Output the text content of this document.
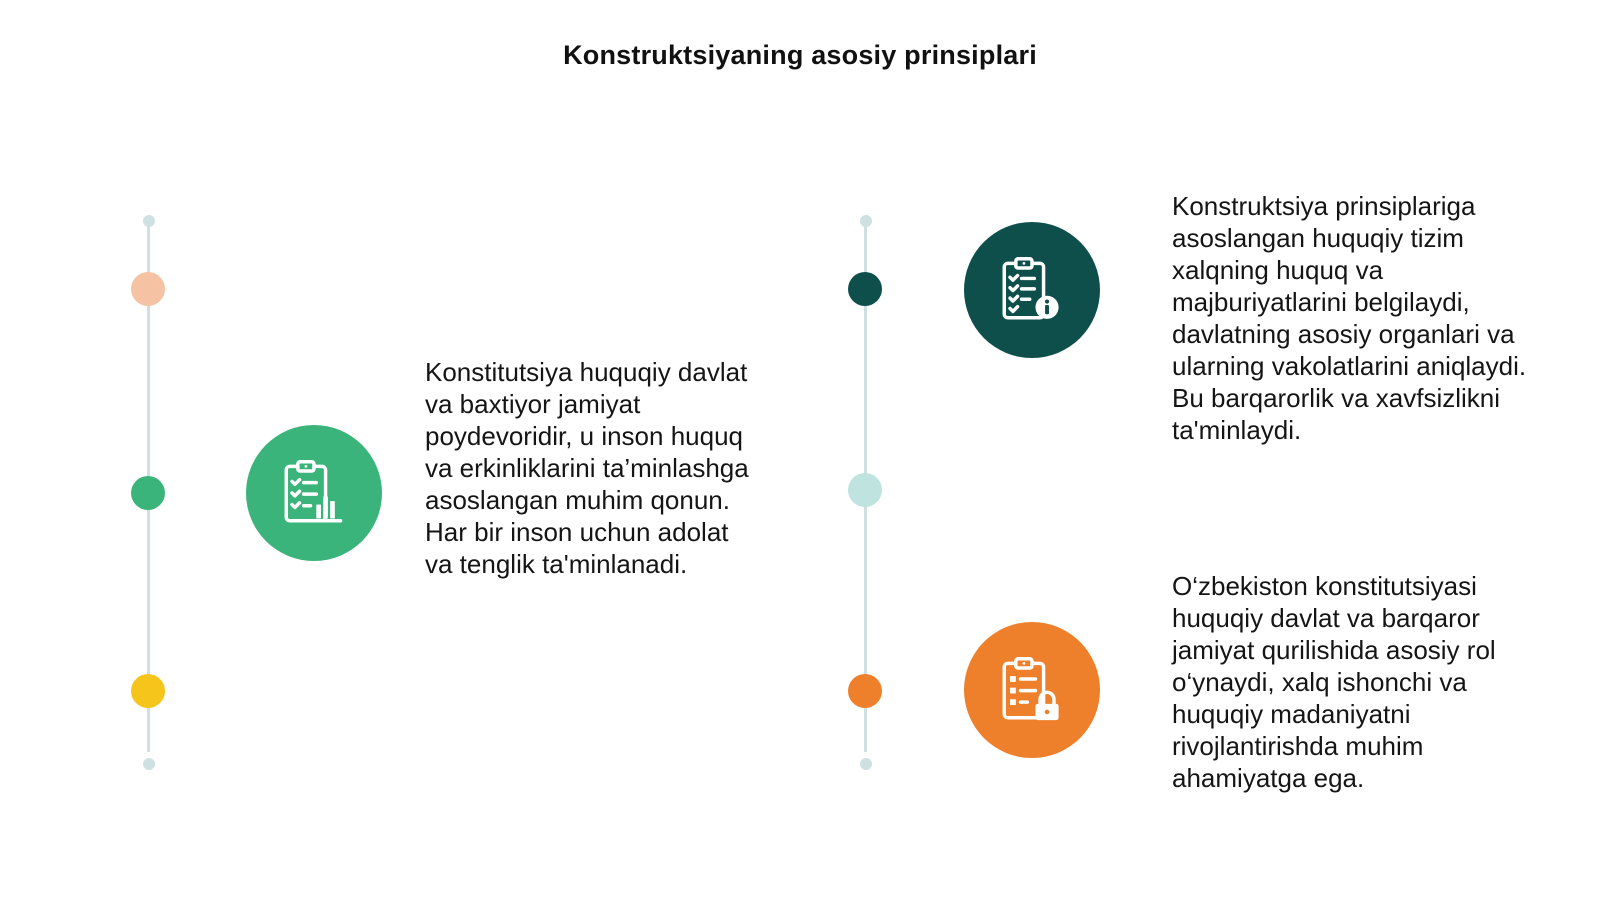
Konstruktsiyaning asosiy prinsiplari

Konstitutsiya huquqiy davlat va baxtiyor jamiyat poydevoridir, u inson huquq va erkinliklarini ta’minlashga asoslangan muhim qonun. Har bir inson uchun adolat va tenglik ta'minlanadi.

Konstruktsiya prinsiplariga asoslangan huquqiy tizim xalqning huquq va majburiyatlarini belgilaydi, davlatning asosiy organlari va ularning vakolatlarini aniqlaydi. Bu barqarorlik va xavfsizlikni ta'minlaydi.

O‘zbekiston konstitutsiyasi huquqiy davlat va barqaror jamiyat qurilishida asosiy rol o‘ynaydi, xalq ishonchi va huquqiy madaniyatni rivojlantirishda muhim ahamiyatga ega.
